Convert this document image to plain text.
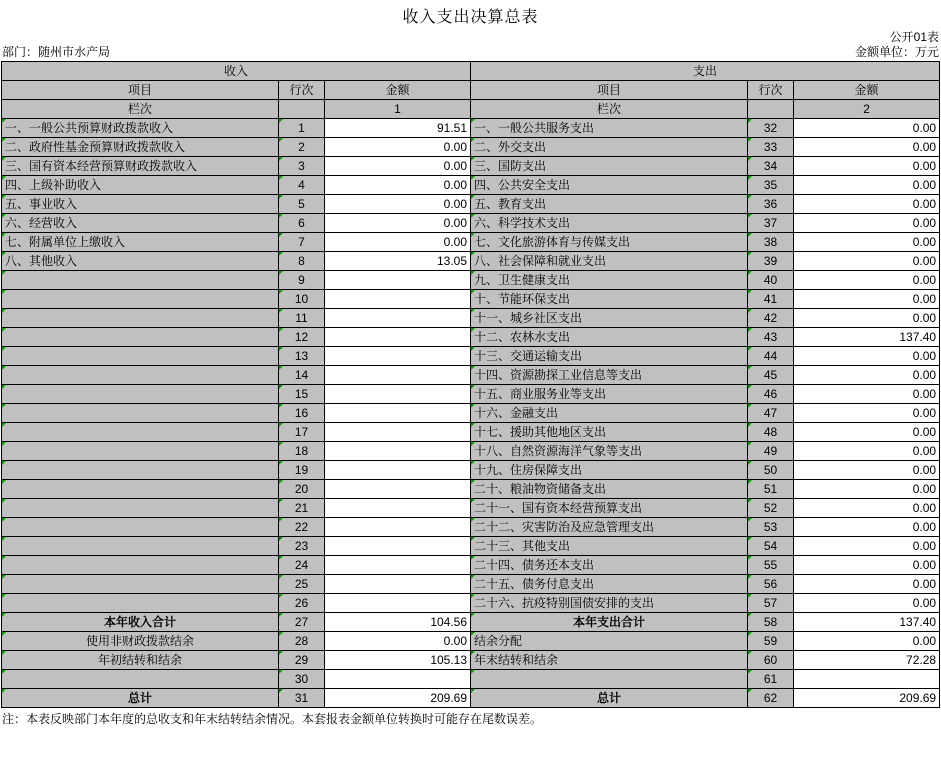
收入支出决算总表
公开01表
部门：随州市水产局	金额单位：万元
收入			支出		
项目	行次	金额	项目	行次	金额
栏次		1	栏次		2
一、一般公共预算财政拨款收入	1	91.51	一、一般公共服务支出	32	0.00
二、政府性基金预算财政拨款收入	2	0.00	二、外交支出	33	0.00
三、国有资本经营预算财政拨款收入	3	0.00	三、国防支出	34	0.00
四、上级补助收入	4	0.00	四、公共安全支出	35	0.00
五、事业收入	5	0.00	五、教育支出	36	0.00
六、经营收入	6	0.00	六、科学技术支出	37	0.00
七、附属单位上缴收入	7	0.00	七、文化旅游体育与传媒支出	38	0.00
八、其他收入	8	13.05	八、社会保障和就业支出	39	0.00
	9		九、卫生健康支出	40	0.00
	10		十、节能环保支出	41	0.00
	11		十一、城乡社区支出	42	0.00
	12		十二、农林水支出	43	137.40
	13		十三、交通运输支出	44	0.00
	14		十四、资源勘探工业信息等支出	45	0.00
	15		十五、商业服务业等支出	46	0.00
	16		十六、金融支出	47	0.00
	17		十七、援助其他地区支出	48	0.00
	18		十八、自然资源海洋气象等支出	49	0.00
	19		十九、住房保障支出	50	0.00
	20		二十、粮油物资储备支出	51	0.00
	21		二十一、国有资本经营预算支出	52	0.00
	22		二十二、灾害防治及应急管理支出	53	0.00
	23		二十三、其他支出	54	0.00
	24		二十四、债务还本支出	55	0.00
	25		二十五、债务付息支出	56	0.00
	26		二十六、抗疫特别国债安排的支出	57	0.00
本年收入合计	27	104.56	本年支出合计	58	137.40
使用非财政拨款结余	28	0.00	结余分配	59	0.00
年初结转和结余	29	105.13	年末结转和结余	60	72.28
	30			61	
总计	31	209.69	总计	62	209.69
注：本表反映部门本年度的总收支和年末结转结余情况。本套报表金额单位转换时可能存在尾数误差。
